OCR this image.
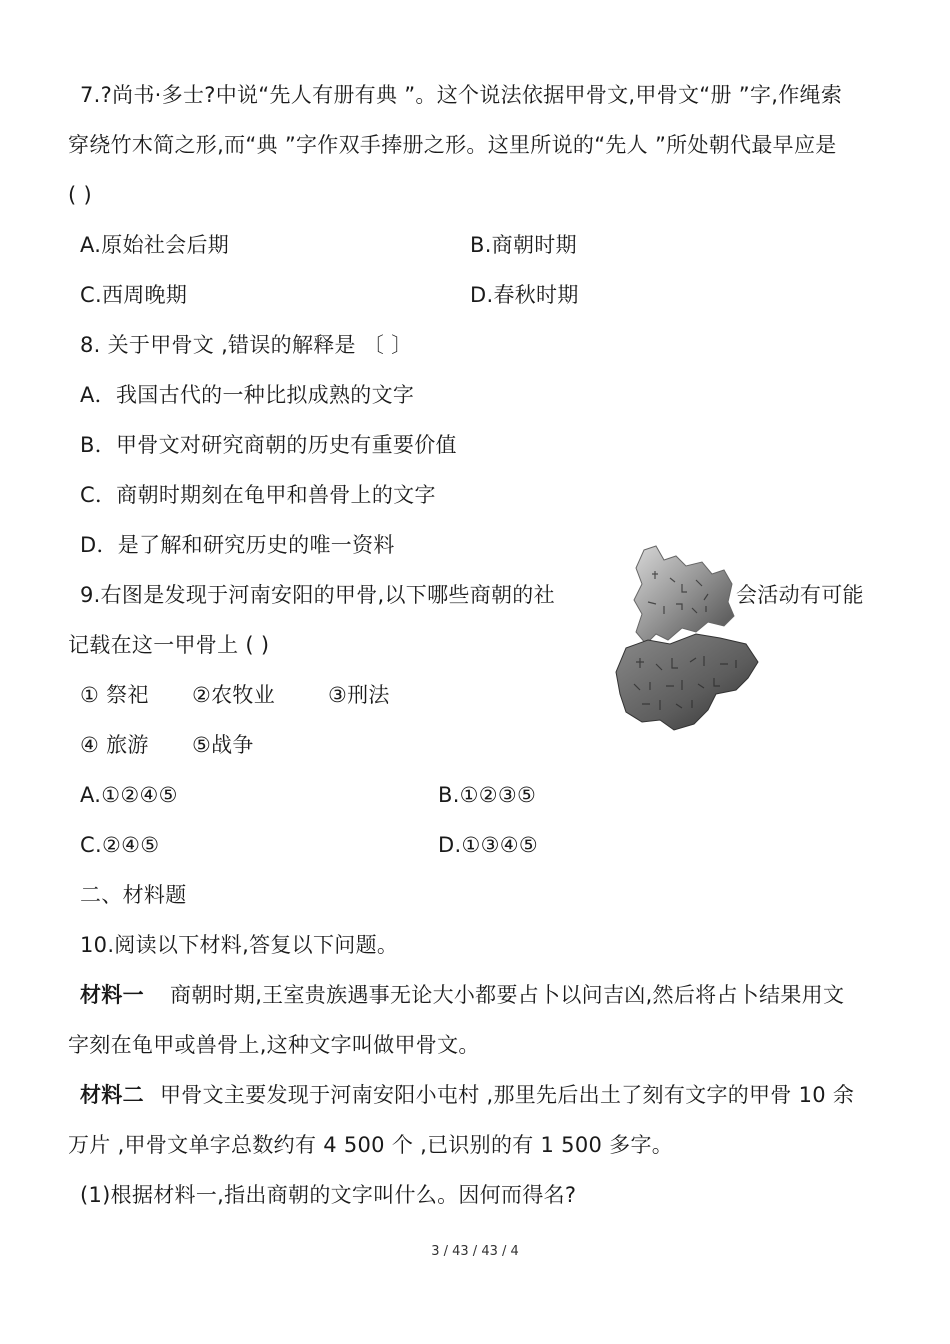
7.?尚书·多士?中说“先人有册有典 ”。这个说法依据甲骨文,甲骨文“册 ”字,作绳索
穿绕竹木简之形,而“典 ”字作双手捧册之形。这里所说的“先人 ”所处朝代最早应是
( )
A.原始社会后期	B.商朝时期
C.西周晚期	D.春秋时期
8. 关于甲骨文 ,错误的解释是 〔 〕
A．我国古代的一种比拟成熟的文字
B．甲骨文对研究商朝的历史有重要价值
C．商朝时期刻在龟甲和兽骨上的文字
D．是了解和研究历史的唯一资料
9.右图是发现于河南安阳的甲骨,以下哪些商朝的社	会活动有可能
记载在这一甲骨上 ( )
① 祭祀 ②农牧业	③刑法
④ 旅游 ⑤战争
A.①②④⑤	B.①②③⑤
C.②④⑤	D.①③④⑤
二、材料题
10.阅读以下材料,答复以下问题。
材料一 商朝时期,王室贵族遇事无论大小都要占卜以问吉凶,然后将占卜结果用文
字刻在龟甲或兽骨上,这种文字叫做甲骨文。
材料二 甲骨文主要发现于河南安阳小屯村 ,那里先后出土了刻有文字的甲骨 10 余
万片 ,甲骨文单字总数约有 4 500 个 ,已识别的有 1 500 多字。
(1)根据材料一,指出商朝的文字叫什么。因何而得名?
3 / 43 / 43 / 4
